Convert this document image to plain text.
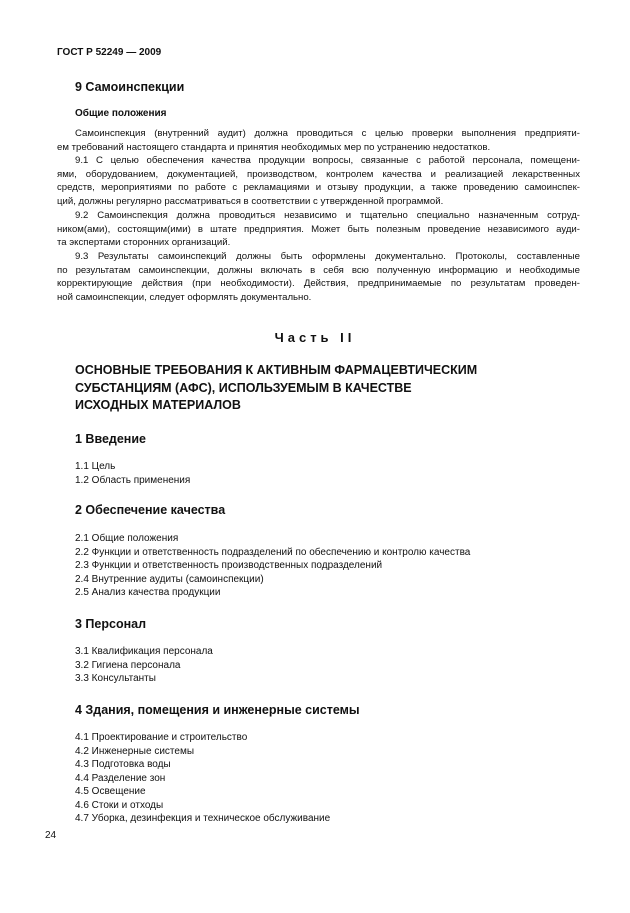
ГОСТ Р 52249 — 2009
9 Самоинспекции
Общие положения
Самоинспекция (внутренний аудит) должна проводиться с целью проверки выполнения предприяти-
ем требований настоящего стандарта и принятия необходимых мер по устранению недостатков.
9.1 С целью обеспечения качества продукции вопросы, связанные с работой персонала, помещени-
ями, оборудованием, документацией, производством, контролем качества и реализацией лекарственных
средств, мероприятиями по работе с рекламациями и отзыву продукции, а также проведению самоинспек-
ций, должны регулярно рассматриваться в соответствии с утвержденной программой.
9.2 Самоинспекция должна проводиться независимо и тщательно специально назначенным сотруд-
ником(ами), состоящим(ими) в штате предприятия. Может быть полезным проведение независимого ауди-
та экспертами сторонних организаций.
9.3 Результаты самоинспекций должны быть оформлены документально. Протоколы, составленные
по результатам самоинспекции, должны включать в себя всю полученную информацию и необходимые
корректирующие действия (при необходимости). Действия, предпринимаемые по результатам проведен-
ной самоинспекции, следует оформлять документально.
Часть II
ОСНОВНЫЕ ТРЕБОВАНИЯ К АКТИВНЫМ ФАРМАЦЕВТИЧЕСКИМ
СУБСТАНЦИЯМ (АФС), ИСПОЛЬЗУЕМЫМ В КАЧЕСТВЕ
ИСХОДНЫХ МАТЕРИАЛОВ
1 Введение
1.1 Цель
1.2 Область применения
2 Обеспечение качества
2.1 Общие положения
2.2 Функции и ответственность подразделений по обеспечению и контролю качества
2.3 Функции и ответственность производственных подразделений
2.4 Внутренние аудиты (самоинспекции)
2.5 Анализ качества продукции
3 Персонал
3.1 Квалификация персонала
3.2 Гигиена персонала
3.3 Консультанты
4 Здания, помещения и инженерные системы
4.1 Проектирование и строительство
4.2 Инженерные системы
4.3 Подготовка воды
4.4 Разделение зон
4.5 Освещение
4.6 Стоки и отходы
4.7 Уборка, дезинфекция и техническое обслуживание
24
